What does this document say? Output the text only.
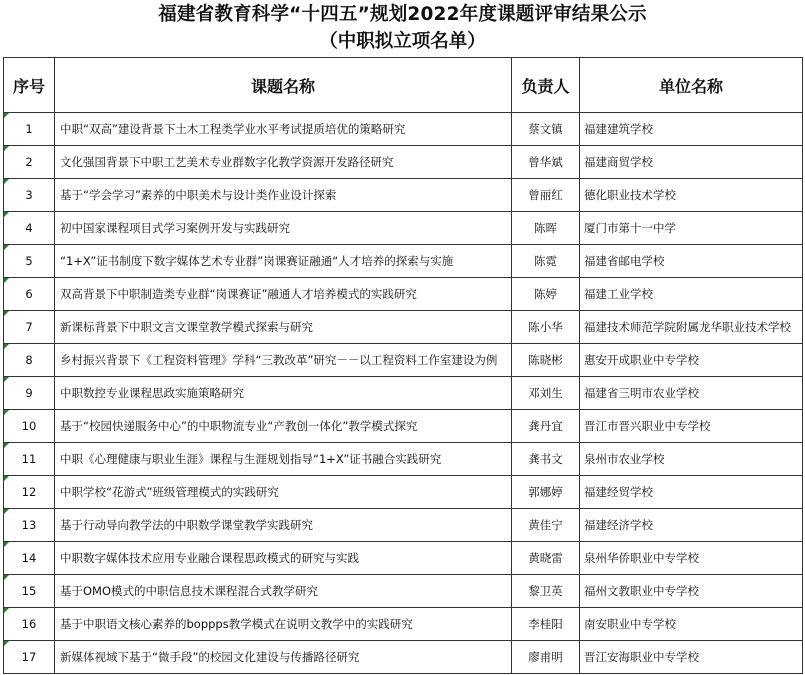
福建省教育科学“十四五”规划2022年度课题评审结果公示
（中职拟立项名单）
序号	课题名称	负责人	单位名称
1	中职“双高”建设背景下土木工程类学业水平考试提质培优的策略研究	蔡文镇	福建建筑学校
2	文化强国背景下中职工艺美术专业群数字化教学资源开发路径研究	曾华斌	福建商贸学校
3	基于“学会学习”素养的中职美术与设计类作业设计探索	曾丽红	德化职业技术学校
4	初中国家课程项目式学习案例开发与实践研究	陈晖	厦门市第十一中学
5	“1+X”证书制度下数字媒体艺术专业群”岗课赛证融通“人才培养的探索与实施	陈霓	福建省邮电学校
6	双高背景下中职制造类专业群“岗课赛证”融通人才培养模式的实践研究	陈婷	福建工业学校
7	新课标背景下中职文言文课堂教学模式探索与研究	陈小华	福建技术师范学院附属龙华职业技术学校
8	乡村振兴背景下《工程资料管理》学科“三教改革”研究－－以工程资料工作室建设为例	陈晓彬	惠安开成职业中专学校
9	中职数控专业课程思政实施策略研究	邓刘生	福建省三明市农业学校
10	基于“校园快递服务中心”的中职物流专业“产教创一体化”教学模式探究	龚丹宜	晋江市晋兴职业中专学校
11	中职《心理健康与职业生涯》课程与生涯规划指导“1+X”证书融合实践研究	龚书文	泉州市农业学校
12	中职学校“花游式”班级管理模式的实践研究	郭娜婷	福建经贸学校
13	基于行动导向教学法的中职数学课堂教学实践研究	黄佳宁	福建经济学校
14	中职数字媒体技术应用专业融合课程思政模式的研究与实践	黄晓雷	泉州华侨职业中专学校
15	基于OMO模式的中职信息技术课程混合式教学研究	黎卫英	福州文教职业中专学校
16	基于中职语文核心素养的boppps教学模式在说明文教学中的实践研究	李桂阳	南安职业中专学校
17	新媒体视域下基于“微手段”的校园文化建设与传播路径研究	廖甫明	晋江安海职业中专学校
